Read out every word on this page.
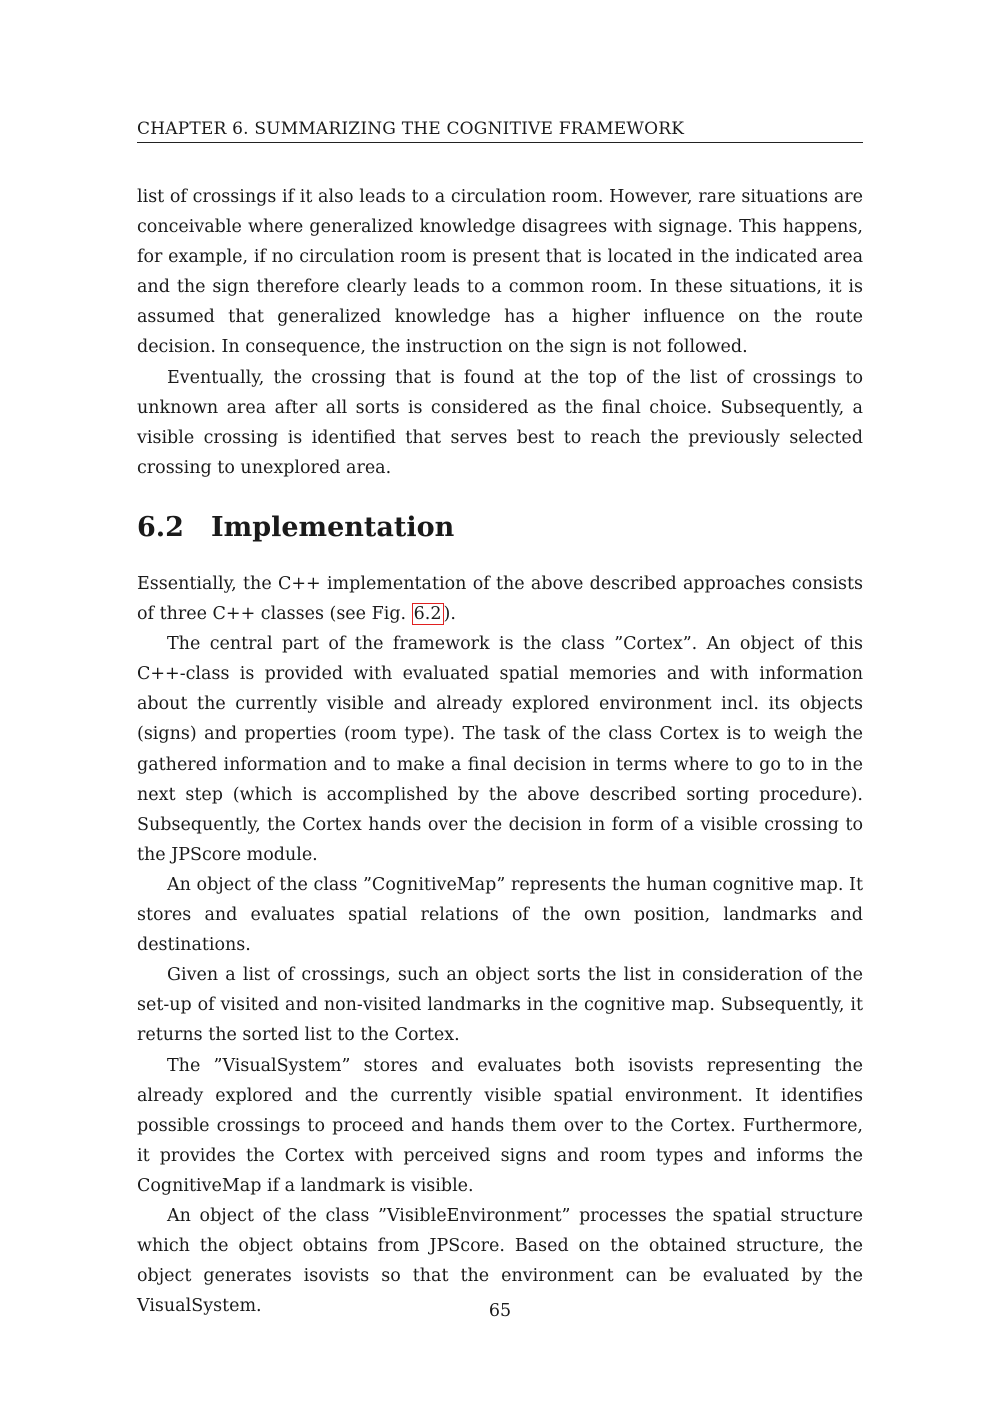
CHAPTER 6. SUMMARIZING THE COGNITIVE FRAMEWORK

list of crossings if it also leads to a circulation room. However, rare situations are conceivable where generalized knowledge disagrees with signage. This happens, for example, if no circulation room is present that is located in the indicated area and the sign therefore clearly leads to a common room. In these situations, it is assumed that generalized knowledge has a higher influence on the route decision. In consequence, the instruction on the sign is not followed.

Eventually, the crossing that is found at the top of the list of crossings to unknown area after all sorts is considered as the final choice. Subsequently, a visible crossing is identified that serves best to reach the previously selected crossing to unexplored area.

6.2 Implementation

Essentially, the C++ implementation of the above described approaches consists of three C++ classes (see Fig. 6.2 ).

The central part of the framework is the class ”Cortex”. An object of this C++-class is provided with evaluated spatial memories and with information about the currently visible and already explored environment incl. its objects (signs) and properties (room type). The task of the class Cortex is to weigh the gathered information and to make a final decision in terms where to go to in the next step (which is accomplished by the above described sorting procedure). Subsequently, the Cortex hands over the decision in form of a visible crossing to the JPScore module.

An object of the class ”CognitiveMap” represents the human cognitive map. It stores and evaluates spatial relations of the own position, landmarks and destinations.

Given a list of crossings, such an object sorts the list in consideration of the set-up of visited and non-visited landmarks in the cognitive map. Subsequently, it returns the sorted list to the Cortex.

The ”VisualSystem” stores and evaluates both isovists representing the already explored and the currently visible spatial environment. It identifies possible crossings to proceed and hands them over to the Cortex. Furthermore, it provides the Cortex with perceived signs and room types and informs the CognitiveMap if a landmark is visible.

An object of the class ”VisibleEnvironment” processes the spatial structure which the object obtains from JPScore. Based on the obtained structure, the object generates isovists so that the environment can be evaluated by the VisualSystem.	65
